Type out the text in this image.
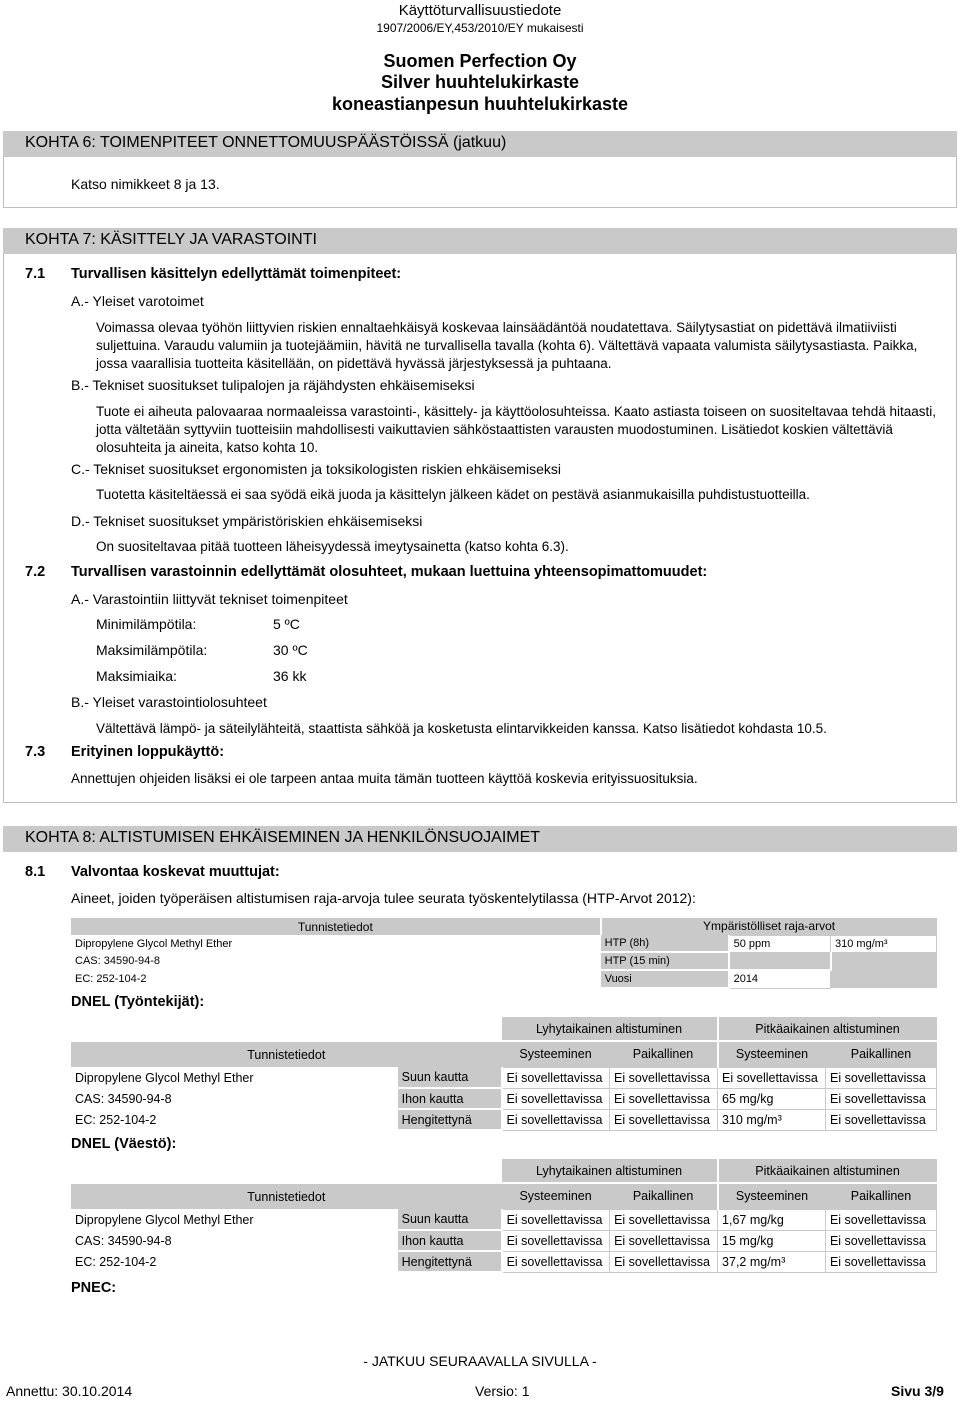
Käyttöturvallisuustiedote
1907/2006/EY,453/2010/EY mukaisesti
Suomen Perfection Oy
Silver huuhtelukirkaste
koneastianpesun huuhtelukirkaste
KOHTA 6: TOIMENPITEET ONNETTOMUUSPÄÄSTÖISSÄ (jatkuu)
Katso nimikkeet 8 ja 13.
KOHTA 7: KÄSITTELY JA VARASTOINTI
7.1 Turvallisen käsittelyn edellyttämät toimenpiteet:
A.- Yleiset varotoimet
Voimassa olevaa työhön liittyvien riskien ennaltaehkäisyä koskevaa lainsäädäntöä noudatettava. Säilytysastiat on pidettävä ilmatiiviisti suljettuina. Varaudu valumiin ja tuotejäämiin, hävitä ne turvallisella tavalla (kohta 6). Vältettävä vapaata valumista säilytysastiasta. Paikka, jossa vaarallisia tuotteita käsitellään, on pidettävä hyvässä järjestyksessä ja puhtaana.
B.- Tekniset suositukset tulipalojen ja räjähdysten ehkäisemiseksi
Tuote ei aiheuta palovaaraa normaaleissa varastointi-, käsittely- ja käyttöolosuhteissa. Kaato astiasta toiseen on suositeltavaa tehdä hitaasti, jotta vältetään syttyviin tuotteisiin mahdollisesti vaikuttavien sähköstaattisten varausten muodostuminen. Lisätiedot koskien vältettäviä olosuhteita ja aineita, katso kohta 10.
C.- Tekniset suositukset ergonomisten ja toksikologisten riskien ehkäisemiseksi
Tuotetta käsiteltäessä ei saa syödä eikä juoda ja käsittelyn jälkeen kädet on pestävä asianmukaisilla puhdistustuotteilla.
D.- Tekniset suositukset ympäristöriskien ehkäisemiseksi
On suositeltavaa pitää tuotteen läheisyydessä imeytysainetta (katso kohta 6.3).
7.2 Turvallisen varastoinnin edellyttämät olosuhteet, mukaan luettuina yhteensopimattomuudet:
A.- Varastointiin liittyvät tekniset toimenpiteet
Minimilämpötila:	5 ºC
Maksimilämpötila:	30 ºC
Maksimiaika:	36 kk
B.- Yleiset varastointiolosuhteet
Vältettävä lämpö- ja säteilylähteitä, staattista sähköä ja kosketusta elintarvikkeiden kanssa. Katso lisätiedot kohdasta 10.5.
7.3 Erityinen loppukäyttö:
Annettujen ohjeiden lisäksi ei ole tarpeen antaa muita tämän tuotteen käyttöä koskevia erityissuosituksia.
KOHTA 8: ALTISTUMISEN EHKÄISEMINEN JA HENKILÖNSUOJAIMET
8.1 Valvontaa koskevat muuttujat:
Aineet, joiden työperäisen altistumisen raja-arvoja tulee seurata työskentelytilassa (HTP-Arvot 2012):
Tunnistetiedot	Ympäristölliset raja-arvot		
Dipropylene Glycol Methyl Ether	HTP (8h)	50 ppm	310 mg/m³
CAS: 34590-94-8	HTP (15 min)		
EC: 252-104-2	Vuosi	2014	
DNEL (Työntekijät):
		Lyhytaikainen altistuminen		Pitkäaikainen altistuminen	
Tunnistetiedot		Systeeminen	Paikallinen	Systeeminen	Paikallinen
Dipropylene Glycol Methyl Ether	Suun kautta	Ei sovellettavissa	Ei sovellettavissa	Ei sovellettavissa	Ei sovellettavissa
CAS: 34590-94-8	Ihon kautta	Ei sovellettavissa	Ei sovellettavissa	65 mg/kg	Ei sovellettavissa
EC: 252-104-2	Hengitettynä	Ei sovellettavissa	Ei sovellettavissa	310 mg/m³	Ei sovellettavissa
DNEL (Väestö):
		Lyhytaikainen altistuminen		Pitkäaikainen altistuminen	
Tunnistetiedot		Systeeminen	Paikallinen	Systeeminen	Paikallinen
Dipropylene Glycol Methyl Ether	Suun kautta	Ei sovellettavissa	Ei sovellettavissa	1,67 mg/kg	Ei sovellettavissa
CAS: 34590-94-8	Ihon kautta	Ei sovellettavissa	Ei sovellettavissa	15 mg/kg	Ei sovellettavissa
EC: 252-104-2	Hengitettynä	Ei sovellettavissa	Ei sovellettavissa	37,2 mg/m³	Ei sovellettavissa
PNEC:
- JATKUU SEURAAVALLA SIVULLA -
Annettu: 30.10.2014	Versio: 1	Sivu 3/9
